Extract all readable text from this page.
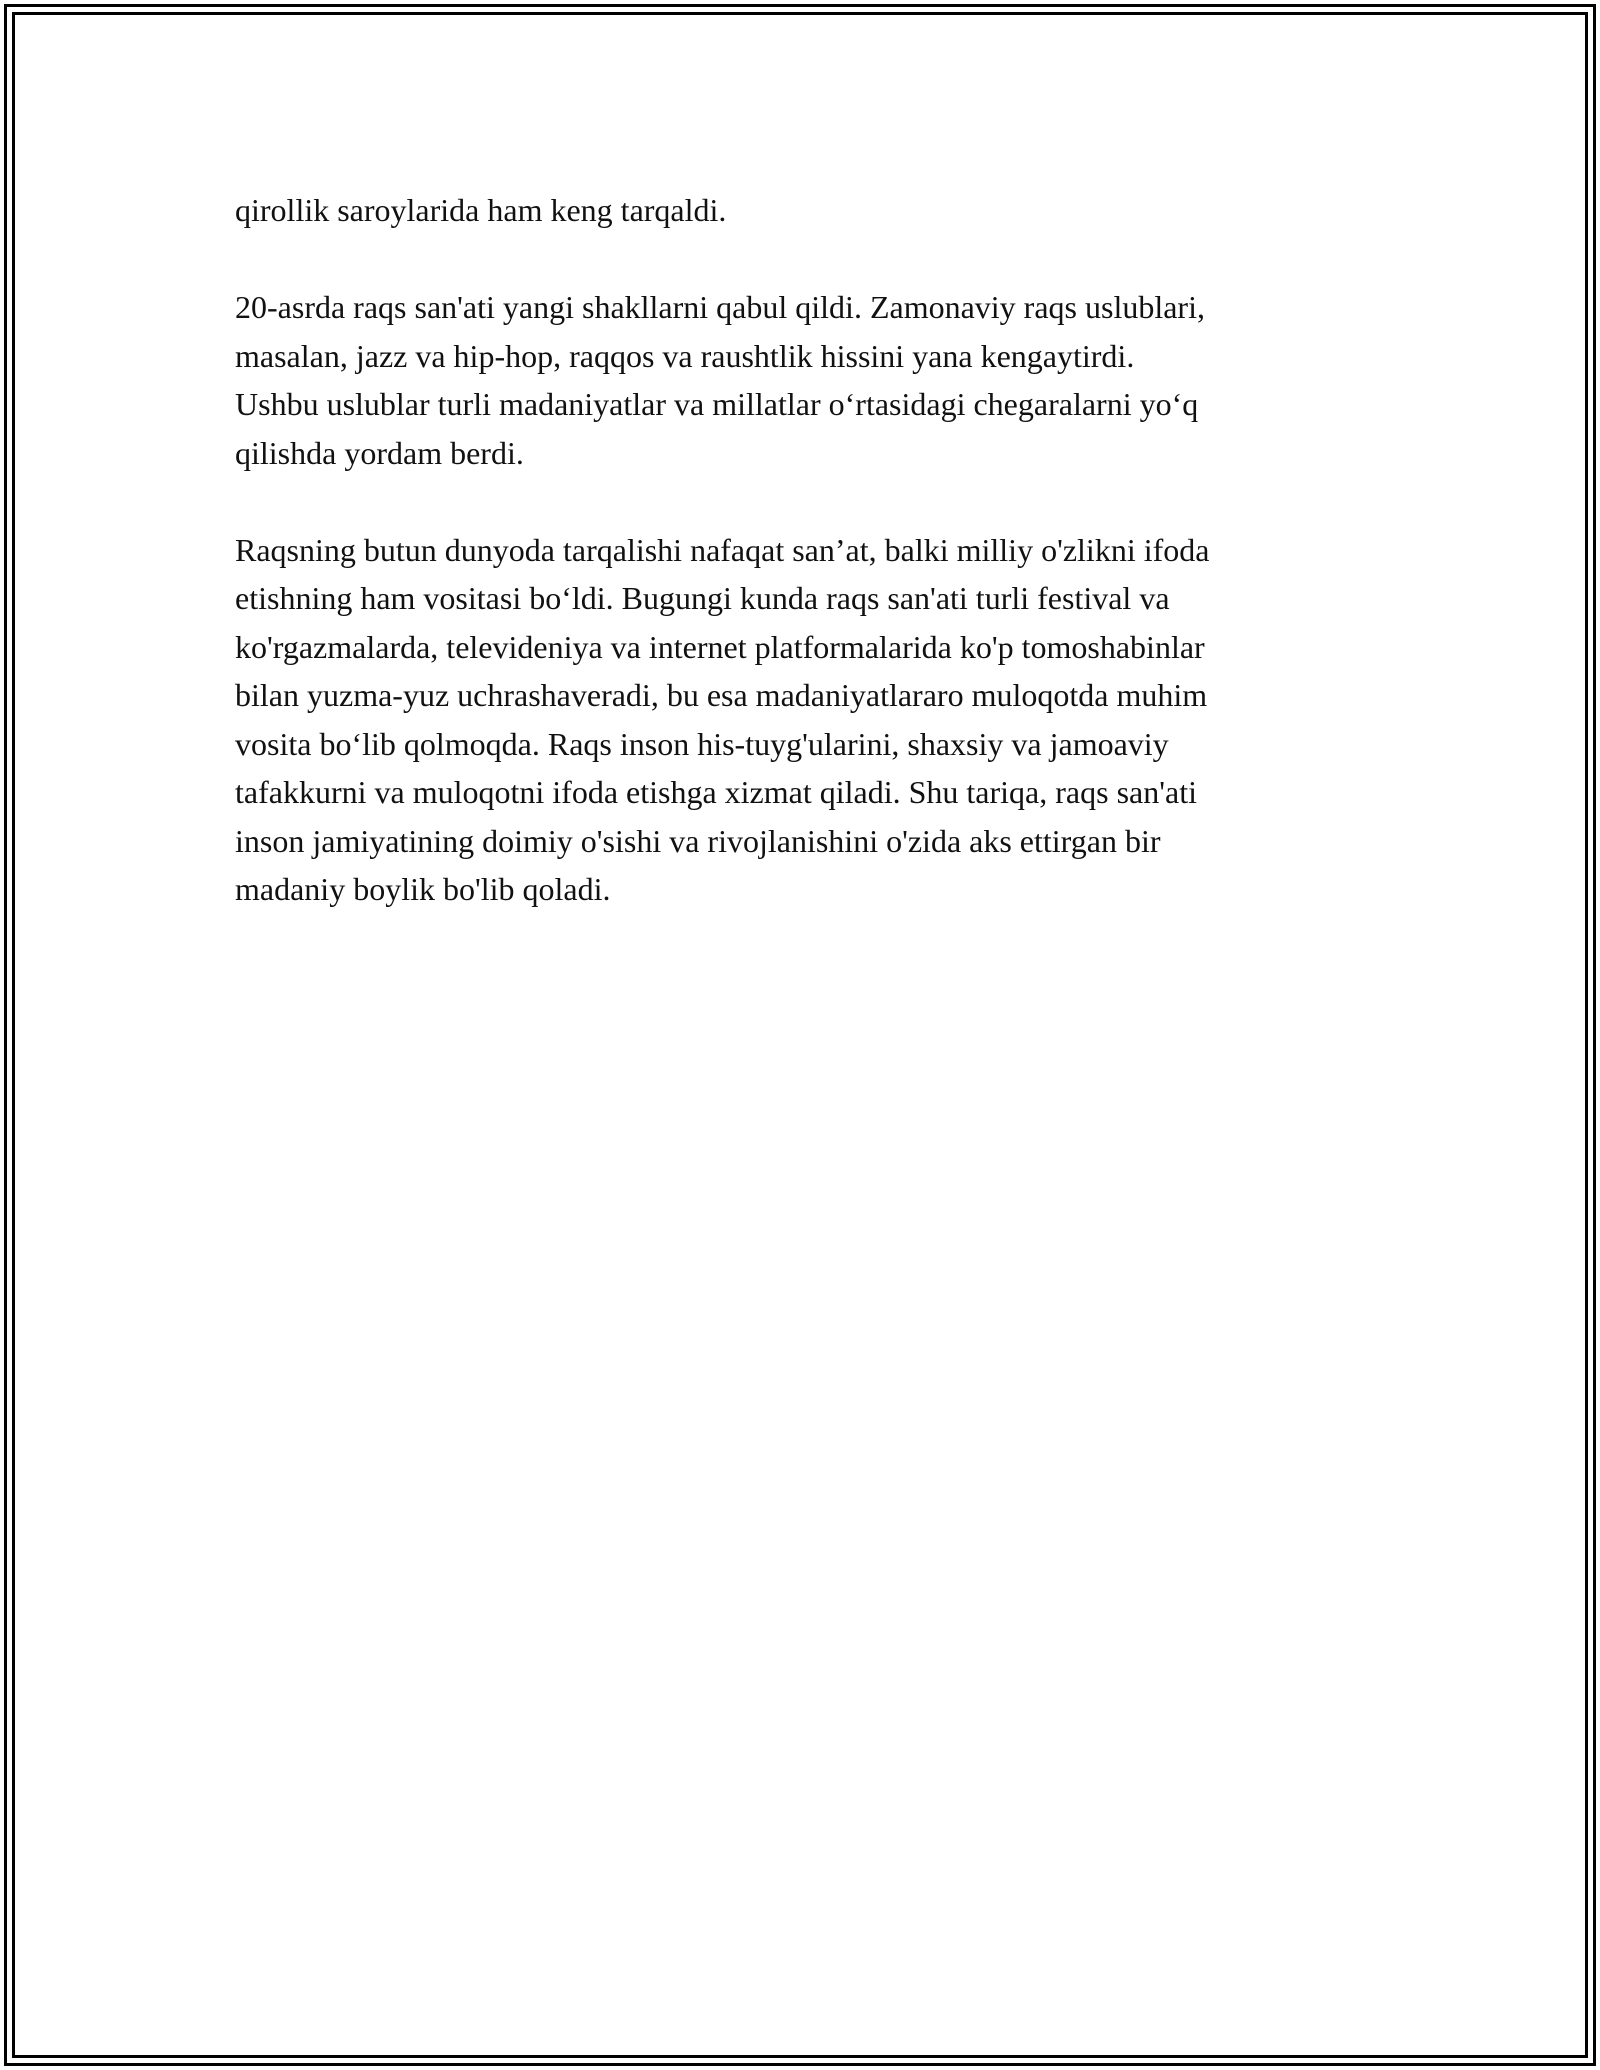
qirollik saroylarida ham keng tarqaldi.

20-asrda raqs san'ati yangi shakllarni qabul qildi. Zamonaviy raqs uslublari,
masalan, jazz va hip-hop, raqqos va raushtlik hissini yana kengaytirdi.
Ushbu uslublar turli madaniyatlar va millatlar o‘rtasidagi chegaralarni yo‘q
qilishda yordam berdi.

Raqsning butun dunyoda tarqalishi nafaqat san’at, balki milliy o'zlikni ifoda
etishning ham vositasi bo‘ldi. Bugungi kunda raqs san'ati turli festival va
ko'rgazmalarda, televideniya va internet platformalarida ko'p tomoshabinlar
bilan yuzma-yuz uchrashaveradi, bu esa madaniyatlararo muloqotda muhim
vosita bo‘lib qolmoqda. Raqs inson his-tuyg'ularini, shaxsiy va jamoaviy
tafakkurni va muloqotni ifoda etishga xizmat qiladi. Shu tariqa, raqs san'ati
inson jamiyatining doimiy o'sishi va rivojlanishini o'zida aks ettirgan bir
madaniy boylik bo'lib qoladi.
